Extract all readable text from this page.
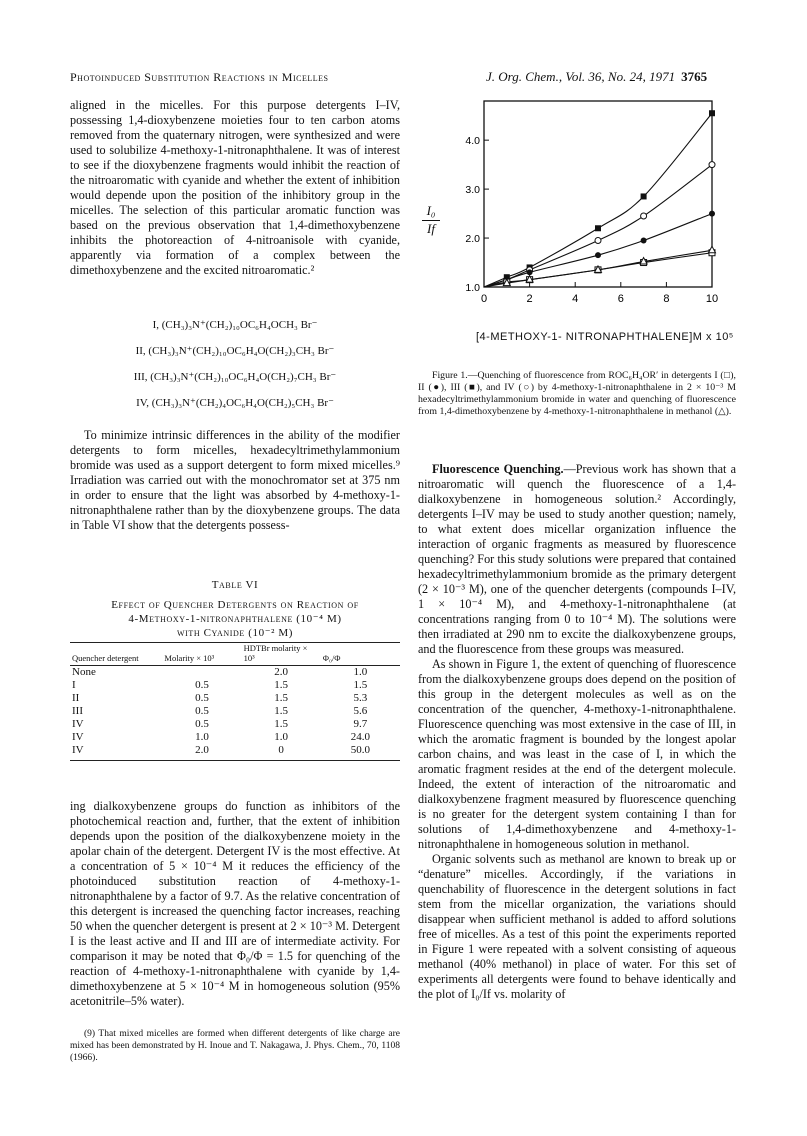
Photoinduced Substitution Reactions in Micelles	J. Org. Chem., Vol. 36, No. 24, 1971 3765

aligned in the micelles. For this purpose detergents I–IV, possessing 1,4-dioxybenzene moieties four to ten carbon atoms removed from the quaternary nitrogen, were synthesized and were used to solubilize 4-methoxy-1-nitronaphthalene. It was of interest to see if the dioxybenzene fragments would inhibit the reaction of the nitroaromatic with cyanide and whether the extent of inhibition would depende upon the position of the inhibitory group in the micelles. The selection of this particular aromatic function was based on the previous observation that 1,4-dimethoxybenzene inhibits the photoreaction of 4-nitroanisole with cyanide, apparently via formation of a complex between the dimethoxybenzene and the excited nitroaromatic.²

I, (CH₃)₃N⁺(CH₂)₁₀OC₆H₄OCH₃ Br⁻

II, (CH₃)₃N⁺(CH₂)₁₀OC₆H₄O(CH₂)₃CH₃ Br⁻

III, (CH₃)₃N⁺(CH₂)₁₀OC₆H₄O(CH₂)₇CH₃ Br⁻

IV, (CH₃)₃N⁺(CH₂)₄OC₆H₄O(CH₂)₅CH₃ Br⁻

To minimize intrinsic differences in the ability of the modifier detergents to form micelles, hexadecyltrimethylammonium bromide was used as a support detergent to form mixed micelles.⁹ Irradiation was carried out with the monochromator set at 375 nm in order to ensure that the light was absorbed by 4-methoxy-1-nitronaphthalene rather than by the dioxybenzene groups. The data in Table VI show that the detergents possess-

Table VI
Effect of Quencher Detergents on Reaction of
4-Methoxy-1-nitronaphthalene (10⁻⁴ M)
with Cyanide (10⁻² M)
Quencher detergent	Molarity × 10³	HDTBr molarity × 10³	Φ₀/Φ
None		2.0	1.0
I	0.5	1.5	1.5
II	0.5	1.5	5.3
III	0.5	1.5	5.6
IV	0.5	1.5	9.7
IV	1.0	1.0	24.0
IV	2.0	0	50.0

ing dialkoxybenzene groups do function as inhibitors of the photochemical reaction and, further, that the extent of inhibition depends upon the position of the dialkoxybenzene moiety in the apolar chain of the detergent. Detergent IV is the most effective. At a concentration of 5 × 10⁻⁴ M it reduces the efficiency of the photoinduced substitution reaction of 4-methoxy-1-nitronaphthalene by a factor of 9.7. As the relative concentration of this detergent is increased the quenching factor increases, reaching 50 when the quencher detergent is present at 2 × 10⁻³ M. Detergent I is the least active and II and III are of intermediate activity. For comparison it may be noted that Φ₀/Φ = 1.5 for quenching of the reaction of 4-methoxy-1-nitronaphthalene with cyanide by 1,4-dimethoxybenzene at 5 × 10⁻⁴ M in homogeneous solution (95% acetonitrile–5% water).

(9) That mixed micelles are formed when different detergents of like charge are mixed has been demonstrated by H. Inoue and T. Nakagawa, J. Phys. Chem., 70, 1108 (1966).

$\frac{\text{I₀}}{If}$
0	2	4	6	8	10
1.0
2.0
3.0
4.0
[4-METHOXY-1- NITRONAPHTHALENE]M x 10⁵

Figure 1.—Quenching of fluorescence from ROC₆H₄OR′ in detergents I (□), II (●), III (■), and IV (○) by 4-methoxy-1-nitronaphthalene in 2 × 10⁻³ M hexadecyltrimethylammonium bromide in water and quenching of fluorescence from 1,4-dimethoxybenzene by 4-methoxy-1-nitronaphthalene in methanol (△).

Fluorescence Quenching.—Previous work has shown that a nitroaromatic will quench the fluorescence of a 1,4-dialkoxybenzene in homogeneous solution.² Accordingly, detergents I–IV may be used to study another question; namely, to what extent does micellar organization influence the interaction of organic fragments as measured by fluorescence quenching? For this study solutions were prepared that contained hexadecyltrimethylammonium bromide as the primary detergent (2 × 10⁻³ M), one of the quencher detergents (compounds I–IV, 1 × 10⁻⁴ M), and 4-methoxy-1-nitronaphthalene (at concentrations ranging from 0 to 10⁻⁴ M). The solutions were then irradiated at 290 nm to excite the dialkoxybenzene groups, and the fluorescence from these groups was measured.

As shown in Figure 1, the extent of quenching of fluorescence from the dialkoxybenzene groups does depend on the position of this group in the detergent molecules as well as on the concentration of the quencher, 4-methoxy-1-nitronaphthalene. Fluorescence quenching was most extensive in the case of III, in which the aromatic fragment is bounded by the longest apolar carbon chains, and was least in the case of I, in which the aromatic fragment resides at the end of the detergent molecule. Indeed, the extent of interaction of the nitroaromatic and dialkoxybenzene fragment measured by fluorescence quenching is no greater for the detergent system containing I than for solutions of 1,4-dimethoxybenzene and 4-methoxy-1-nitronaphthalene in homogeneous solution in methanol.

Organic solvents such as methanol are known to break up or “denature” micelles. Accordingly, if the variations in quenchability of fluorescence in the detergent solutions in fact stem from the micellar organization, the variations should disappear when sufficient methanol is added to afford solutions free of micelles. As a test of this point the experiments reported in Figure 1 were repeated with a solvent consisting of aqueous methanol (40% methanol) in place of water. For this set of experiments all detergents were found to behave identically and the plot of I₀/If vs. molarity of
